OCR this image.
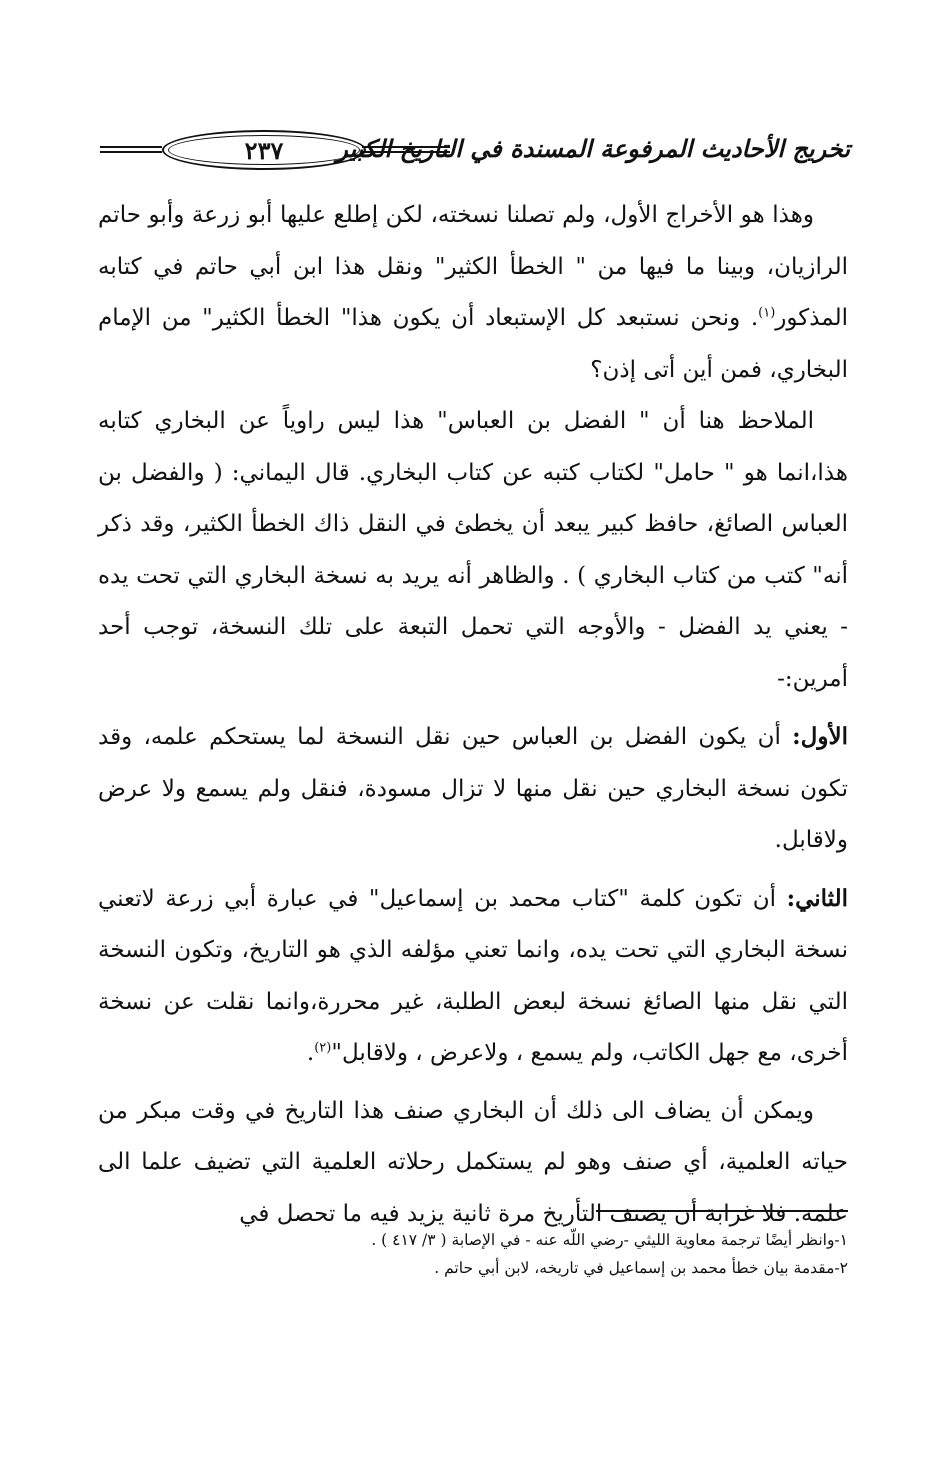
٢٣٧ تخريج الأحاديث المرفوعة المسندة في التاريخ الكبير

وهذا هو الأخراج الأول، ولم تصلنا نسخته، لكن إطلع عليها أبو زرعة وأبو حاتم الرازيان، وبينا ما فيها من " الخطأ الكثير" ونقل هذا ابن أبي حاتم في كتابه المذكور$^{(١)}$. ونحن نستبعد كل الإستبعاد أن يكون هذا" الخطأ الكثير" من الإمام البخاري، فمن أين أتى إذن؟

الملاحظ هنا أن " الفضل بن العباس" هذا ليس راوياً عن البخاري كتابه هذا،انما هو " حامل" لكتاب كتبه عن كتاب البخاري. قال اليماني: ( والفضل بن العباس الصائغ، حافظ كبير يبعد أن يخطئ في النقل ذاك الخطأ الكثير، وقد ذكر أنه" كتب من كتاب البخاري ) . والظاهر أنه يريد به نسخة البخاري التي تحت يده - يعني يد الفضل - والأوجه التي تحمل التبعة على تلك النسخة، توجب أحد أمرين:-

الأول: أن يكون الفضل بن العباس حين نقل النسخة لما يستحكم علمه، وقد تكون نسخة البخاري حين نقل منها لا تزال مسودة، فنقل ولم يسمع ولا عرض ولاقابل.

الثاني: أن تكون كلمة "كتاب محمد بن إسماعيل" في عبارة أبي زرعة لاتعني نسخة البخاري التي تحت يده، وانما تعني مؤلفه الذي هو التاريخ، وتكون النسخة التي نقل منها الصائغ نسخة لبعض الطلبة، غير محررة،وانما نقلت عن نسخة أخرى، مع جهل الكاتب، ولم يسمع ، ولاعرض ، ولاقابل"$^{(٢)}$.

ويمكن أن يضاف الى ذلك أن البخاري صنف هذا التاريخ في وقت مبكر من حياته العلمية، أي صنف وهو لم يستكمل رحلاته العلمية التي تضيف علما الى علمه. فلا غرابة أن يصنف التأريخ مرة ثانية يزيد فيه ما تحصل في

١-وانظر أيضًا ترجمة معاوية الليثي -رضي اللّه عنه - في الإصابة ( ٣/ ٤١٧ ) .

٢-مقدمة بيان خطأ محمد بن إسماعيل في تاريخه، لابن أبي حاتم .
